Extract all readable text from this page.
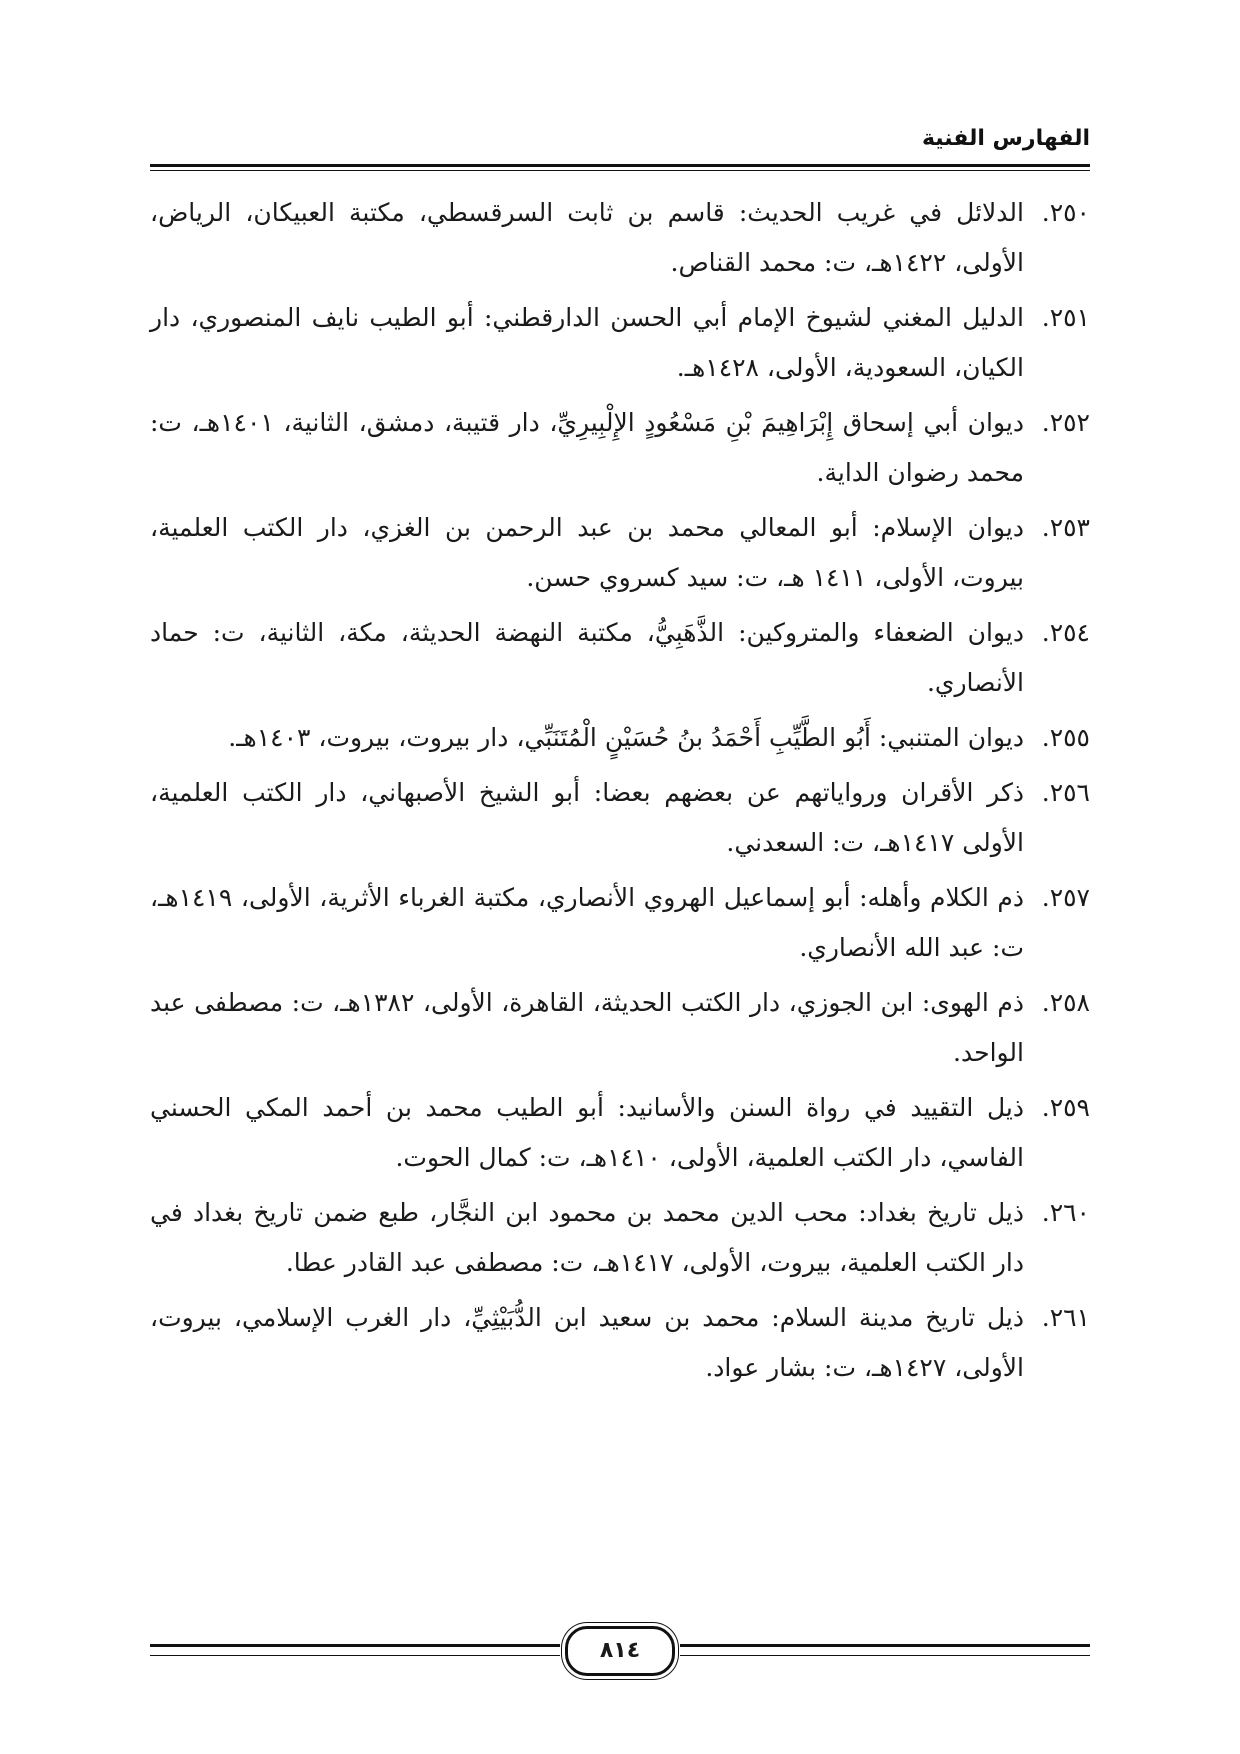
الفهارس الفنية
٢٥٠.
الدلائل في غريب الحديث: قاسم بن ثابت السرقسطي، مكتبة العبيكان، الرياض، الأولى، ١٤٢٢هـ، ت: محمد القناص.
٢٥١.
الدليل المغني لشيوخ الإمام أبي الحسن الدارقطني: أبو الطيب نايف المنصوري، دار الكيان، السعودية، الأولى، ١٤٢٨هـ.
٢٥٢.
ديوان أبي إسحاق إِبْرَاهِيمَ بْنِ مَسْعُودٍ الإِلْبِيرِيِّ، دار قتيبة، دمشق، الثانية، ١٤٠١هـ، ت: محمد رضوان الداية.
٢٥٣.
ديوان الإسلام: أبو المعالي محمد بن عبد الرحمن بن الغزي، دار الكتب العلمية، بيروت، الأولى، ١٤١١ هـ، ت: سيد كسروي حسن.
٢٥٤.
ديوان الضعفاء والمتروكين: الذَّهَبِيُّ، مكتبة النهضة الحديثة، مكة، الثانية، ت: حماد الأنصاري.
٢٥٥.
ديوان المتنبي: أَبُو الطَّيِّبِ أَحْمَدُ بنُ حُسَيْنٍ الْمُتَنَبِّي، دار بيروت، بيروت، ١٤٠٣هـ.
٢٥٦.
ذكر الأقران ورواياتهم عن بعضهم بعضا: أبو الشيخ الأصبهاني، دار الكتب العلمية، الأولى ١٤١٧هـ، ت: السعدني.
٢٥٧.
ذم الكلام وأهله: أبو إسماعيل الهروي الأنصاري، مكتبة الغرباء الأثرية، الأولى، ١٤١٩هـ، ت: عبد الله الأنصاري.
٢٥٨.
ذم الهوى: ابن الجوزي، دار الكتب الحديثة، القاهرة، الأولى، ١٣٨٢هـ، ت: مصطفى عبد الواحد.
٢٥٩.
ذيل التقييد في رواة السنن والأسانيد: أبو الطيب محمد بن أحمد المكي الحسني الفاسي، دار الكتب العلمية، الأولى، ١٤١٠هـ، ت: كمال الحوت.
٢٦٠.
ذيل تاريخ بغداد: محب الدين محمد بن محمود ابن النجَّار، طبع ضمن تاريخ بغداد في دار الكتب العلمية، بيروت، الأولى، ١٤١٧هـ، ت: مصطفى عبد القادر عطا.
٢٦١.
ذيل تاريخ مدينة السلام: محمد بن سعيد ابن الدُّبَيْثِيِّ، دار الغرب الإسلامي، بيروت، الأولى، ١٤٢٧هـ، ت: بشار عواد.
٨١٤
